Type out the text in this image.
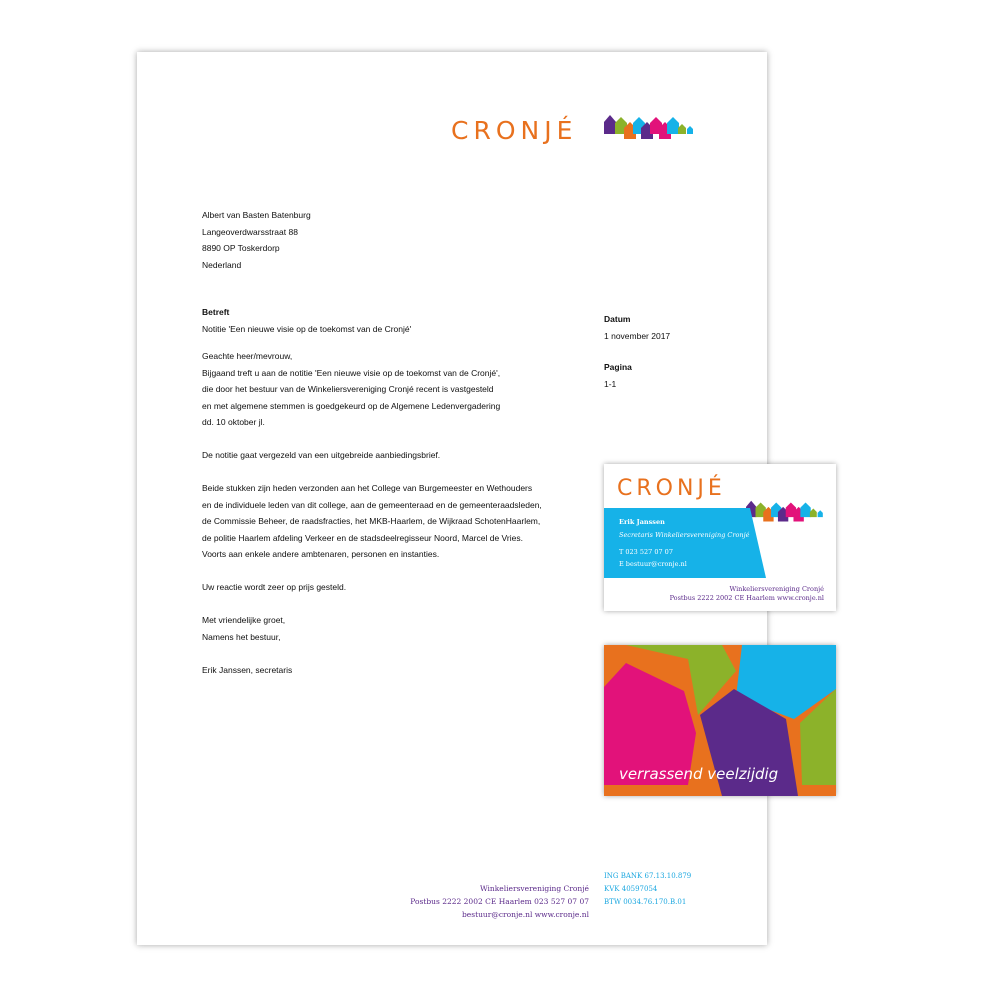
CRONJÉ
Albert van Basten Batenburg
Langeoverdwarsstraat 88
8890 OP Toskerdorp
Nederland
Betreft
Notitie 'Een nieuwe visie op de toekomst van de Cronjé'
Geachte heer/mevrouw,
Bijgaand treft u aan de notitie 'Een nieuwe visie op de toekomst van de Cronjé',
die door het bestuur van de Winkeliersvereniging Cronjé recent is vastgesteld
en met algemene stemmen is goedgekeurd op de Algemene Ledenvergadering
dd. 10 oktober jl.
De notitie gaat vergezeld van een uitgebreide aanbiedingsbrief.
Beide stukken zijn heden verzonden aan het College van Burgemeester en Wethouders
en de individuele leden van dit college, aan de gemeenteraad en de gemeenteraadsleden,
de Commissie Beheer, de raadsfracties, het MKB-Haarlem, de Wijkraad SchotenHaarlem,
de politie Haarlem afdeling Verkeer en de stadsdeelregisseur Noord, Marcel de Vries.
Voorts aan enkele andere ambtenaren, personen en instanties.
Uw reactie wordt zeer op prijs gesteld.
Met vriendelijke groet,
Namens het bestuur,
Erik Janssen, secretaris
Datum
1 november 2017
Pagina
1-1
Winkeliersvereniging Cronjé
Postbus 2222 2002 CE Haarlem 023 527 07 07
bestuur@cronje.nl www.cronje.nl
ING BANK 67.13.10.879
KVK 40597054
BTW 0034.76.170.B.01
CRONJÉ
Erik Janssen
Secretaris Winkeliersvereniging Cronjé
T 023 527 07 07
E bestuur@cronje.nl
Winkeliersvereniging Cronjé
Postbus 2222 2002 CE Haarlem www.cronje.nl
verrassend veelzijdig
